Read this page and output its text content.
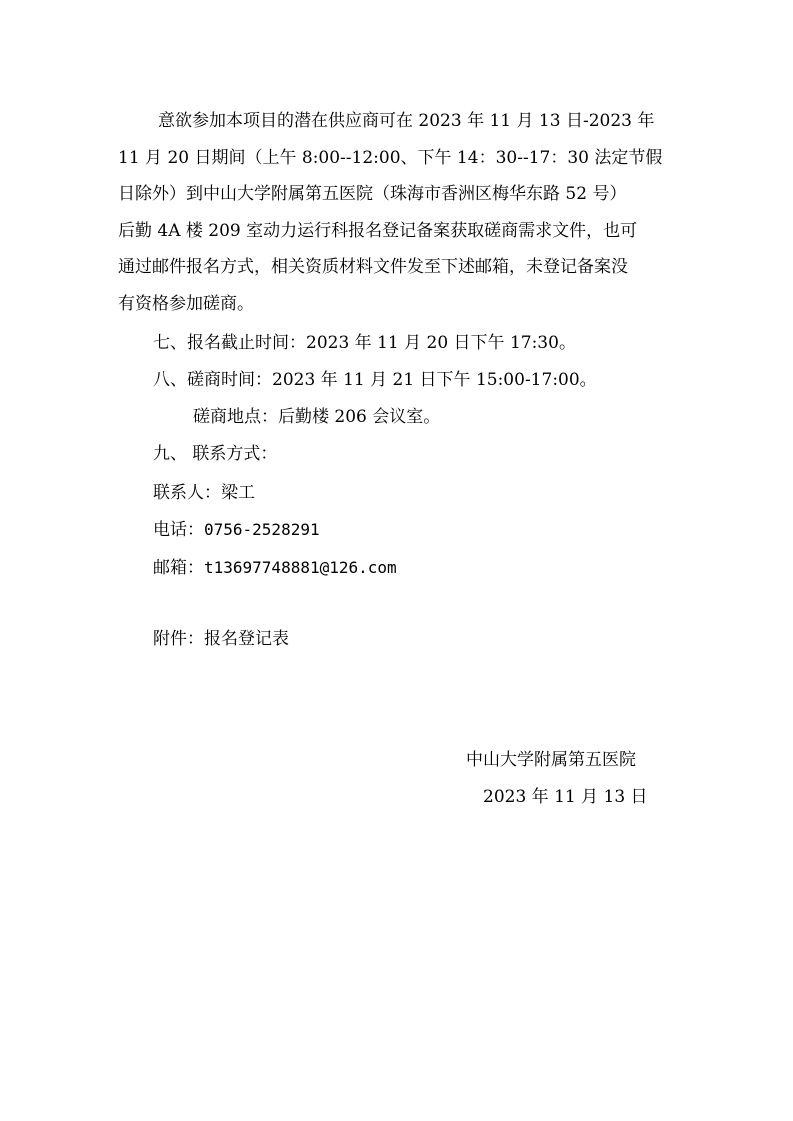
意欲参加本项目的潜在供应商可在 2023 年 11 月 13 日-2023 年
11 月 20 日期间（上午 8:00--12:00、下午 14：30--17：30 法定节假
日除外）到中山大学附属第五医院（珠海市香洲区梅华东路 52 号）
后勤 4A 楼 209 室动力运行科报名登记备案获取磋商需求文件，也可
通过邮件报名方式，相关资质材料文件发至下述邮箱，未登记备案没
有资格参加磋商。

七、报名截止时间：2023 年 11 月 20 日下午 17:30。

八、磋商时间：2023 年 11 月 21 日下午 15:00-17:00。

磋商地点：后勤楼 206 会议室。

九、 联系方式：

联系人：梁工

电话：0756-2528291

邮箱：t13697748881@126.com

附件：报名登记表

中山大学附属第五医院
2023 年 11 月 13 日
